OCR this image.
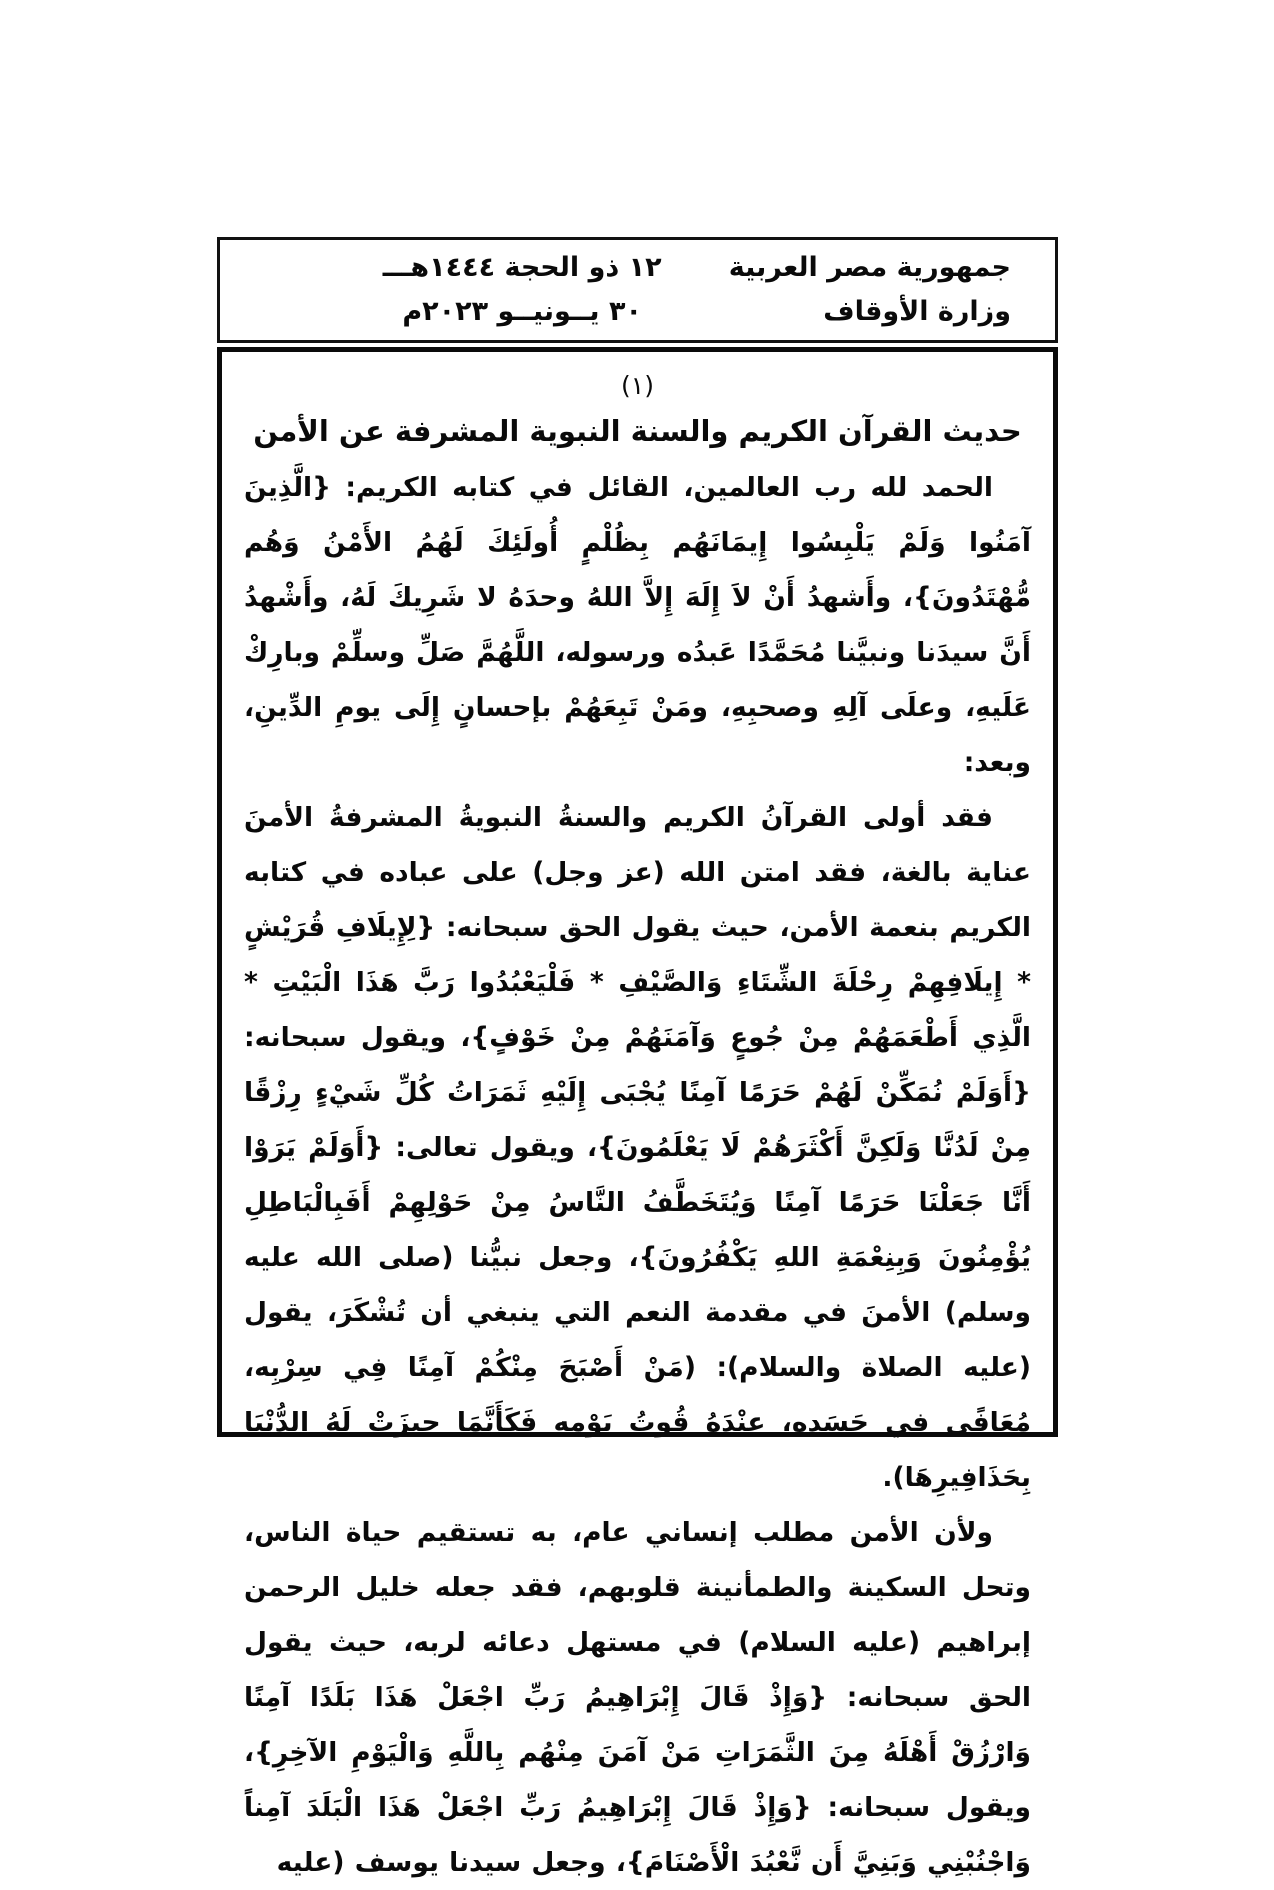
جمهورية مصر العربية
وزارة الأوقاف
١٢ ذو الحجة ١٤٤٤هـــ
٣٠ يــونيــو ٢٠٢٣م
(١)
حديث القرآن الكريم والسنة النبوية المشرفة عن الأمن

الحمد لله رب العالمين، القائل في كتابه الكريم: {الَّذِينَ آمَنُوا وَلَمْ يَلْبِسُوا إِيمَانَهُم بِظُلْمٍ أُولَئِكَ لَهُمُ الأَمْنُ وَهُم مُّهْتَدُونَ}، وأَشهدُ أَنْ لاَ إِلَهَ إِلاَّ اللهُ وحدَهُ لا شَرِيكَ لَهُ، وأَشْهدُ أَنَّ سيدَنا ونبيَّنا مُحَمَّدًا عَبدُه ورسوله، اللَّهُمَّ صَلِّ وسلِّمْ وبارِكْ عَلَيهِ، وعلَى آلِهِ وصحبِهِ، ومَنْ تَبِعَهُمْ بإحسانٍ إِلَى يومِ الدِّينِ، وبعد:

فقد أولى القرآنُ الكريم والسنةُ النبويةُ المشرفةُ الأمنَ عناية بالغة، فقد امتن الله (عز وجل) على عباده في كتابه الكريم بنعمة الأمن، حيث يقول الحق سبحانه: {لِإِيلَافِ قُرَيْشٍ * إِيلَافِهِمْ رِحْلَةَ الشِّتَاءِ وَالصَّيْفِ * فَلْيَعْبُدُوا رَبَّ هَذَا الْبَيْتِ * الَّذِي أَطْعَمَهُمْ مِنْ جُوعٍ وَآمَنَهُمْ مِنْ خَوْفٍ}، ويقول سبحانه: {أَوَلَمْ نُمَكِّنْ لَهُمْ حَرَمًا آمِنًا يُجْبَى إِلَيْهِ ثَمَرَاتُ كُلِّ شَيْءٍ رِزْقًا مِنْ لَدُنَّا وَلَكِنَّ أَكْثَرَهُمْ لَا يَعْلَمُونَ}، ويقول تعالى: {أَوَلَمْ يَرَوْا أَنَّا جَعَلْنَا حَرَمًا آمِنًا وَيُتَخَطَّفُ النَّاسُ مِنْ حَوْلِهِمْ أَفَبِالْبَاطِلِ يُؤْمِنُونَ وَبِنِعْمَةِ اللهِ يَكْفُرُونَ}، وجعل نبيُّنا (صلى الله عليه وسلم) الأمنَ في مقدمة النعم التي ينبغي أن تُشْكَرَ، يقول (عليه الصلاة والسلام): (مَنْ أَصْبَحَ مِنْكُمْ آمِنًا فِي سِرْبِه، مُعَافًى فِي جَسَدِهِ، عِنْدَهُ قُوتُ يَوْمِه فَكَأَنَّمَا حِيزَتْ لَهُ الدُّنْيَا بِحَذَافِيرِهَا).

ولأن الأمن مطلب إنساني عام، به تستقيم حياة الناس، وتحل السكينة والطمأنينة قلوبهم، فقد جعله خليل الرحمن إبراهيم (عليه السلام) في مستهل دعائه لربه، حيث يقول الحق سبحانه: {وَإِذْ قَالَ إِبْرَاهِيمُ رَبِّ اجْعَلْ هَذَا بَلَدًا آمِنًا وَارْزُقْ أَهْلَهُ مِنَ الثَّمَرَاتِ مَنْ آمَنَ مِنْهُم بِاللَّهِ وَالْيَوْمِ الآخِرِ}، ويقول سبحانه: {وَإِذْ قَالَ إِبْرَاهِيمُ رَبِّ اجْعَلْ هَذَا الْبَلَدَ آمِناً وَاجْنُبْنِي وَبَنِيَّ أَن نَّعْبُدَ الْأَصْنَامَ}، وجعل سيدنا يوسف (عليه
